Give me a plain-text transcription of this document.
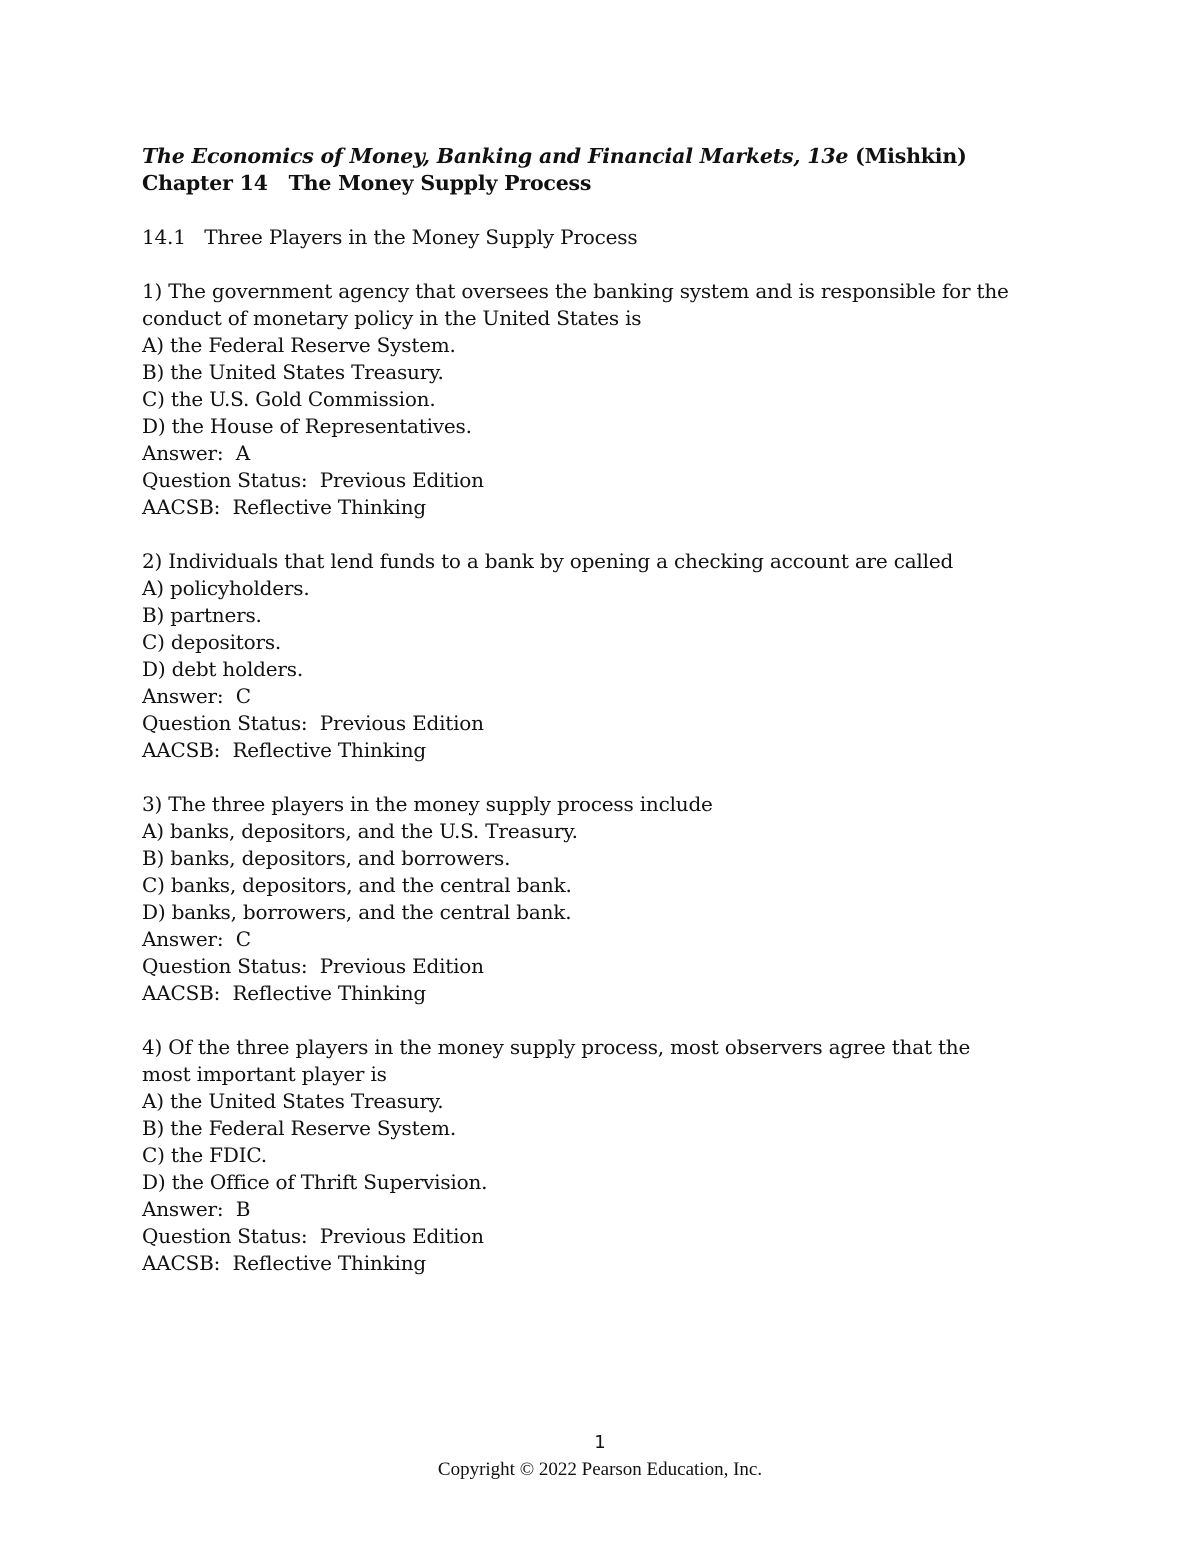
The Economics of Money, Banking and Financial Markets, 13e (Mishkin)
Chapter 14   The Money Supply Process
14.1   Three Players in the Money Supply Process
1) The government agency that oversees the banking system and is responsible for the conduct of monetary policy in the United States is
A) the Federal Reserve System.
B) the United States Treasury.
C) the U.S. Gold Commission.
D) the House of Representatives.
Answer:  A
Question Status:  Previous Edition
AACSB:  Reflective Thinking
2) Individuals that lend funds to a bank by opening a checking account are called
A) policyholders.
B) partners.
C) depositors.
D) debt holders.
Answer:  C
Question Status:  Previous Edition
AACSB:  Reflective Thinking
3) The three players in the money supply process include
A) banks, depositors, and the U.S. Treasury.
B) banks, depositors, and borrowers.
C) banks, depositors, and the central bank.
D) banks, borrowers, and the central bank.
Answer:  C
Question Status:  Previous Edition
AACSB:  Reflective Thinking
4) Of the three players in the money supply process, most observers agree that the most important player is
A) the United States Treasury.
B) the Federal Reserve System.
C) the FDIC.
D) the Office of Thrift Supervision.
Answer:  B
Question Status:  Previous Edition
AACSB:  Reflective Thinking
1
Copyright © 2022 Pearson Education, Inc.
